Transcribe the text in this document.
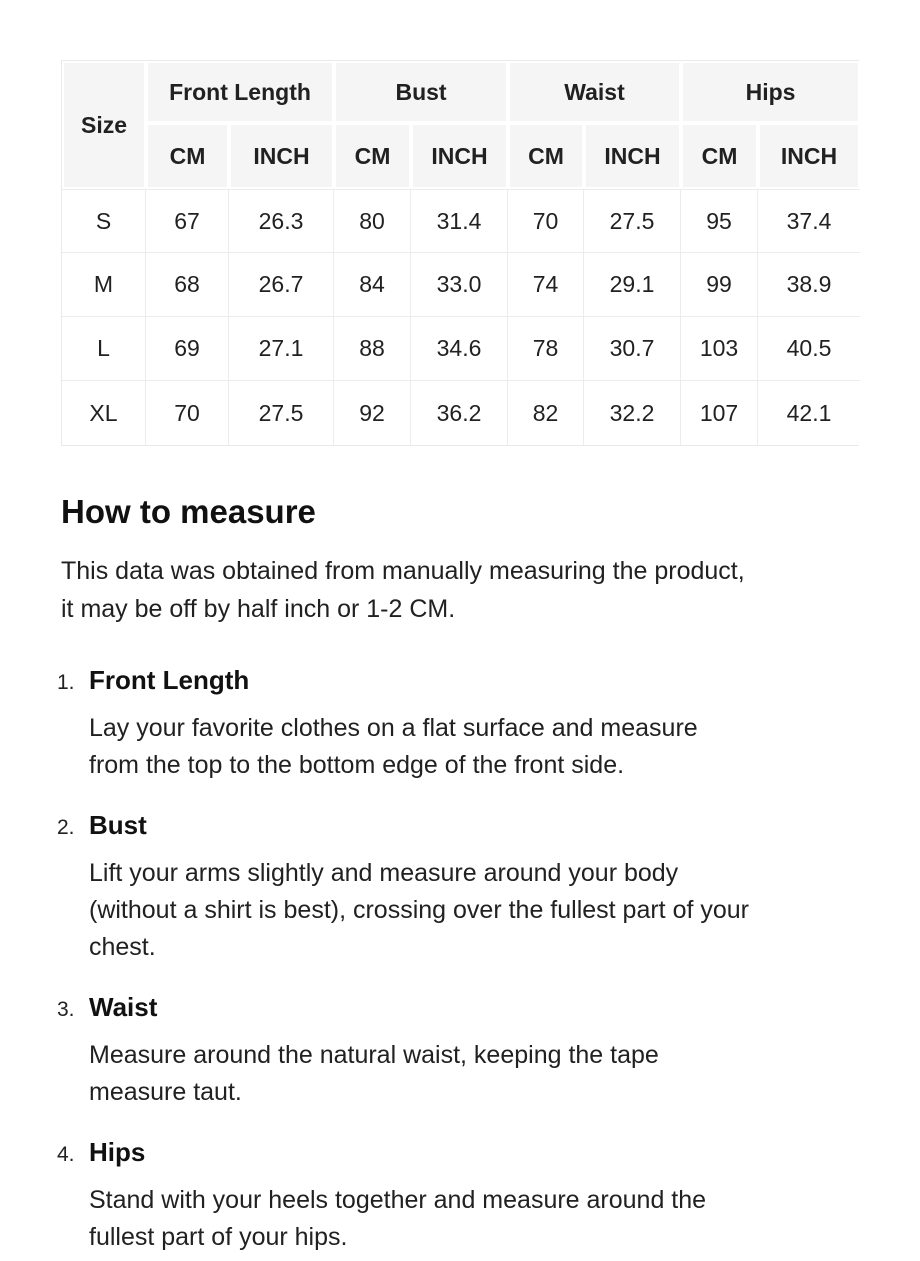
Size	Front Length		Bust		Waist		Hips	
	CM	INCH	CM	INCH	CM	INCH	CM	INCH
S	67	26.3	80	31.4	70	27.5	95	37.4
M	68	26.7	84	33.0	74	29.1	99	38.9
L	69	27.1	88	34.6	78	30.7	103	40.5
XL	70	27.5	92	36.2	82	32.2	107	42.1
How to measure
This data was obtained from manually measuring the product,
it may be off by half inch or 1-2 CM.
1. Front Length
Lay your favorite clothes on a flat surface and measure
from the top to the bottom edge of the front side.
2. Bust
Lift your arms slightly and measure around your body
(without a shirt is best), crossing over the fullest part of your
chest.
3. Waist
Measure around the natural waist, keeping the tape
measure taut.
4. Hips
Stand with your heels together and measure around the
fullest part of your hips.
